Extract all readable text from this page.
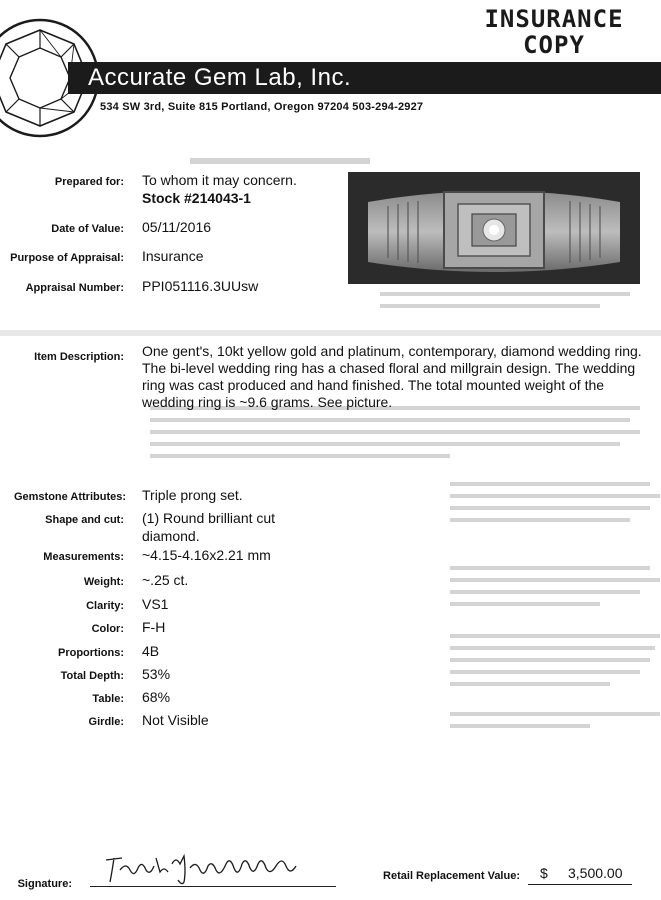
INSURANCE
COPY
Accurate Gem Lab, Inc.
534 SW 3rd, Suite 815 Portland, Oregon 97204 503-294-2927
Prepared for: To whom it may concern.
Stock #214043-1
Date of Value: 05/11/2016
Purpose of Appraisal: Insurance
Appraisal Number: PPI051116.3UUsw
Item Description: One gent's, 10kt yellow gold and platinum, contemporary, diamond wedding ring. The bi-level wedding ring has a chased floral and millgrain design. The wedding ring was cast produced and hand finished. The total mounted weight of the wedding ring is ~9.6 grams. See picture.
Gemstone Attributes: Triple prong set.
Shape and cut: (1) Round brilliant cut
diamond.
Measurements: ~4.15-4.16x2.21 mm
Weight: ~.25 ct.
Clarity: VS1
Color: F-H
Proportions: 4B
Total Depth: 53%
Table: 68%
Girdle: Not Visible
Signature:
Retail Replacement Value: $ 3,500.00
